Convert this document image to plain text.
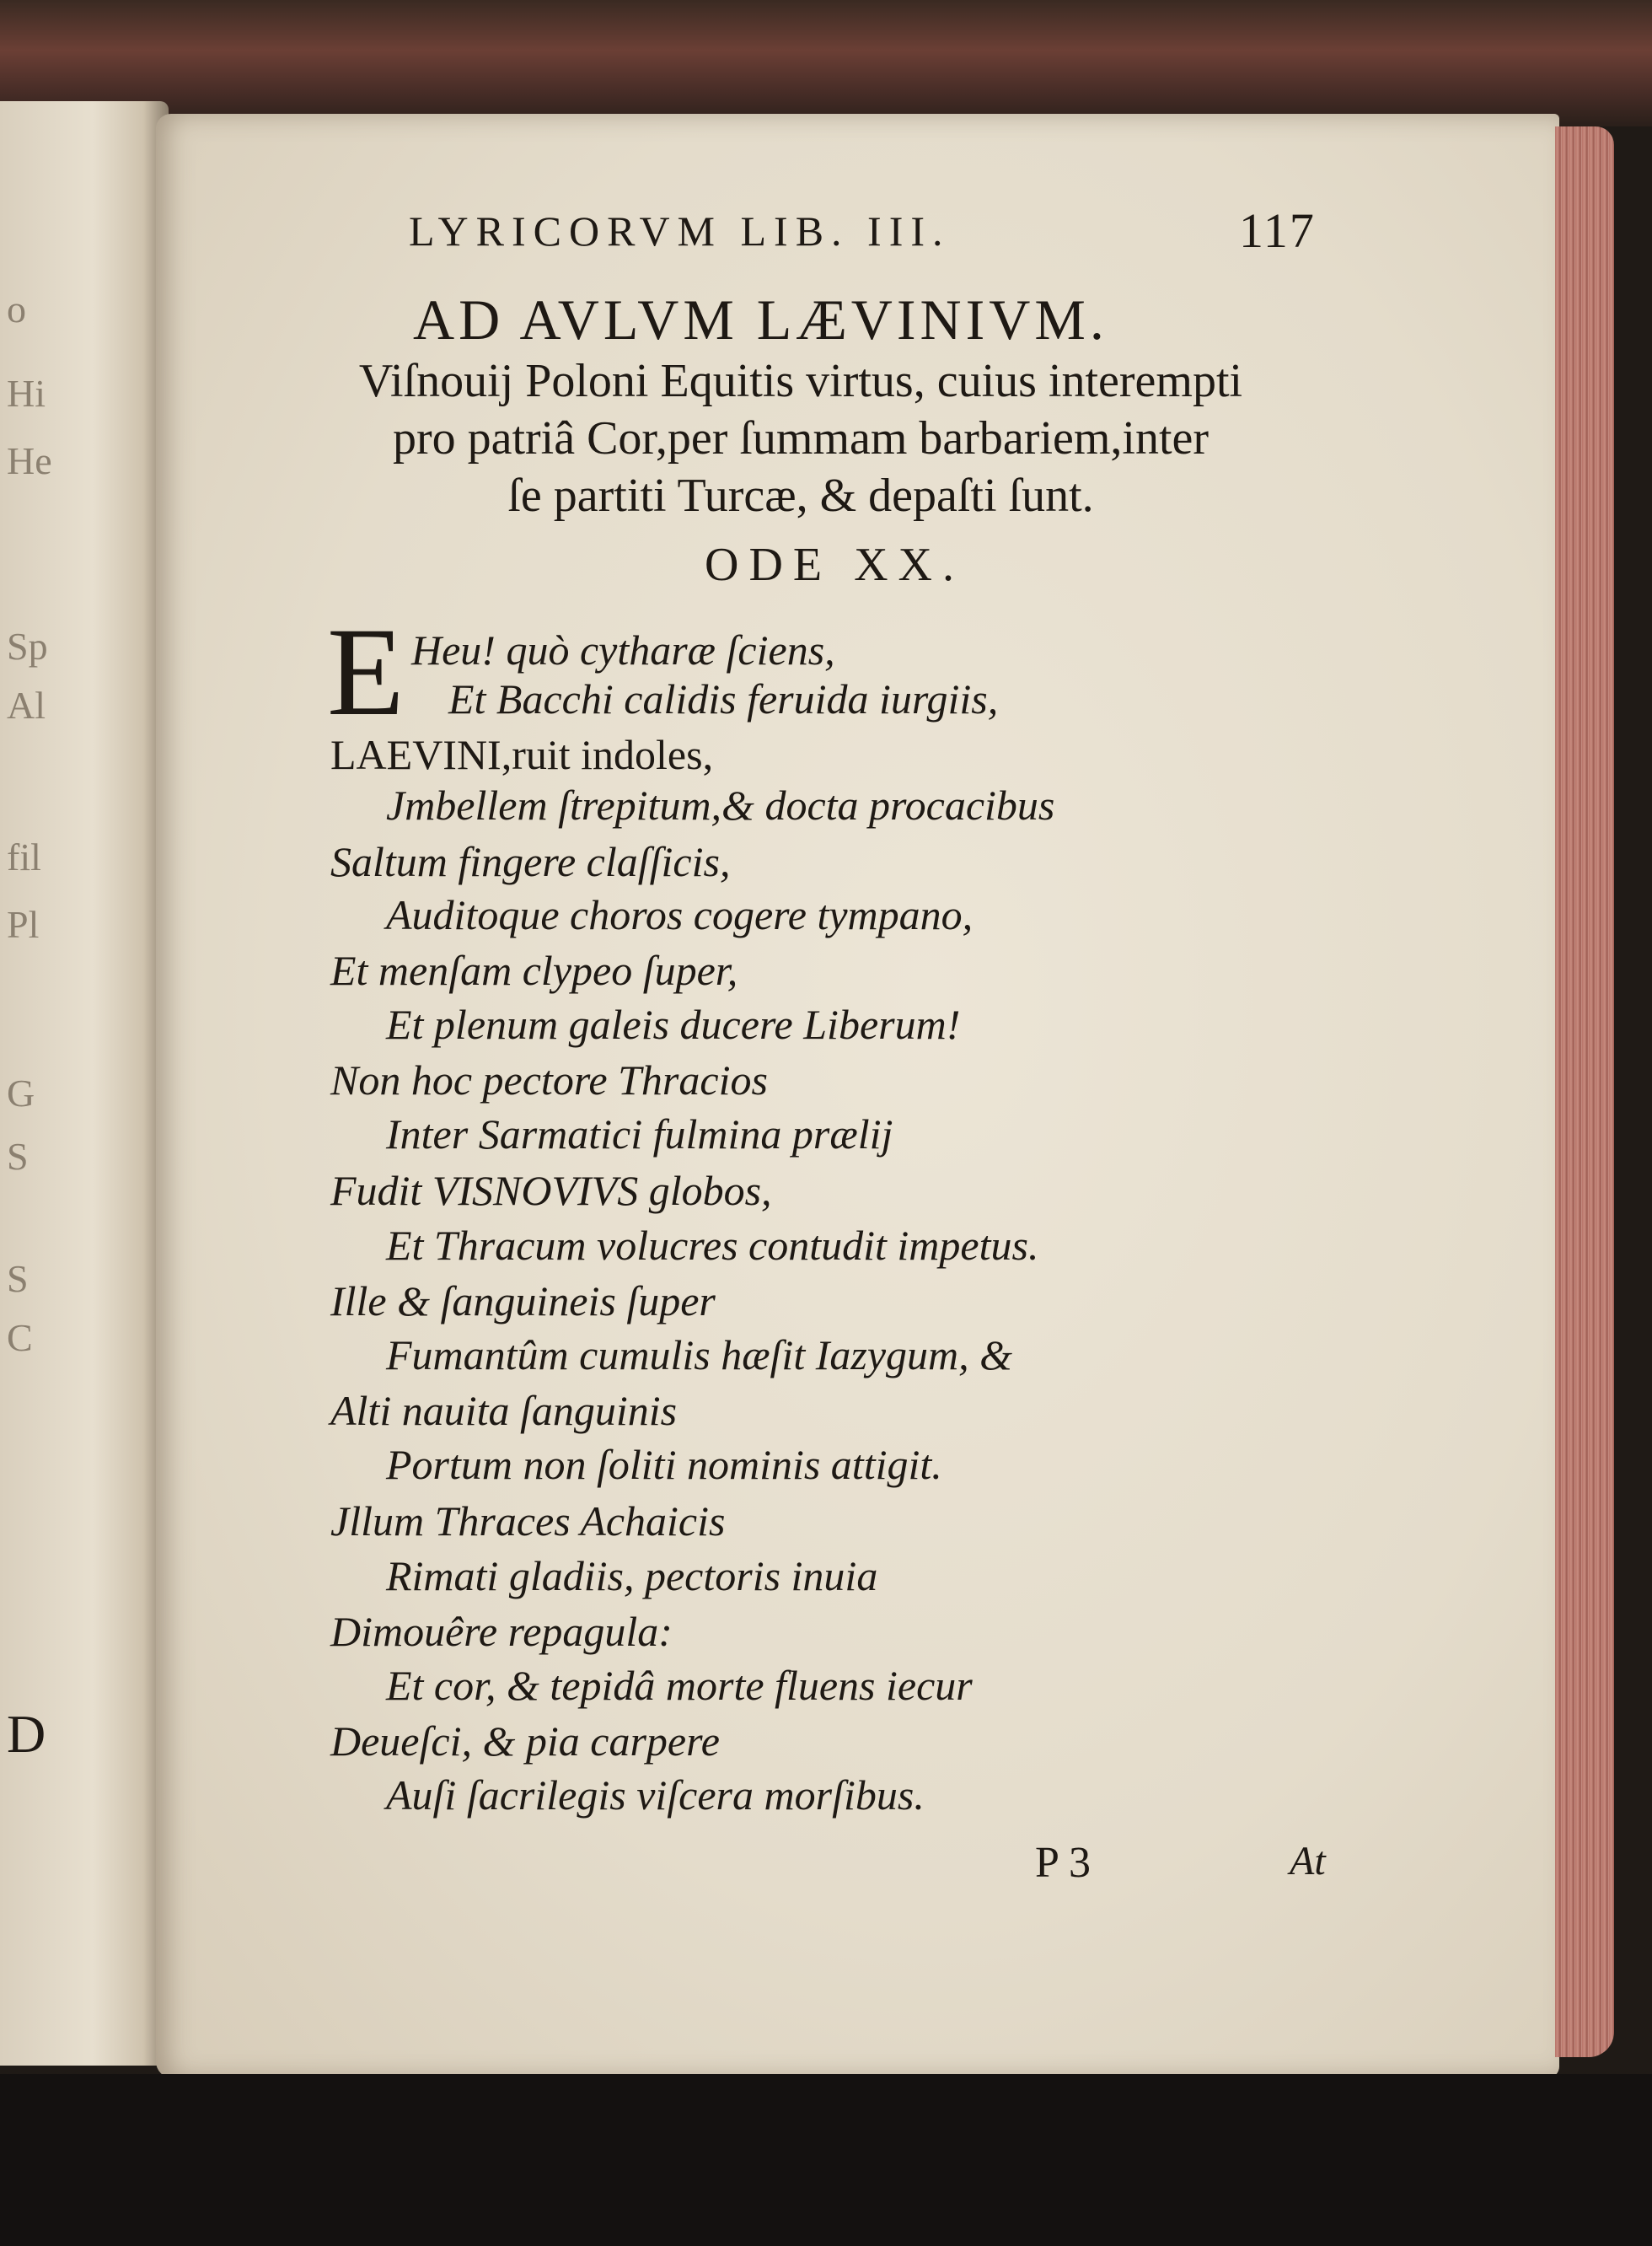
o
Hi
He
Sp
Al
fil
Pl
G
S
S
C
D
LYRICORVM LIB. III.	117
AD AVLVM LÆVINIVM.
Viſnouij Poloni Equitis virtus, cuius interempti
pro patriâ Cor,per ſummam barbariem,inter
ſe partiti Turcæ, & depaſti ſunt.
ODE XX.
E Heu! quò cytharæ ſciens,
Et Bacchi calidis feruida iurgiis,
LAEVINI,ruit indoles,
Jmbellem ſtrepitum,& docta procacibus
Saltum fingere claſſicis,
Auditoque choros cogere tympano,
Et menſam clypeo ſuper,
Et plenum galeis ducere Liberum!
Non hoc pectore Thracios
Inter Sarmatici fulmina prælij
Fudit VISNOVIVS globos,
Et Thracum volucres contudit impetus.
Ille & ſanguineis ſuper
Fumantûm cumulis hæſit Iazygum, &
Alti nauita ſanguinis
Portum non ſoliti nominis attigit.
Jllum Thraces Achaicis
Rimati gladiis, pectoris inuia
Dimouêre repagula:
Et cor, & tepidâ morte fluens iecur
Deueſci, & pia carpere
Auſi ſacrilegis viſcera morſibus.
P 3	At
